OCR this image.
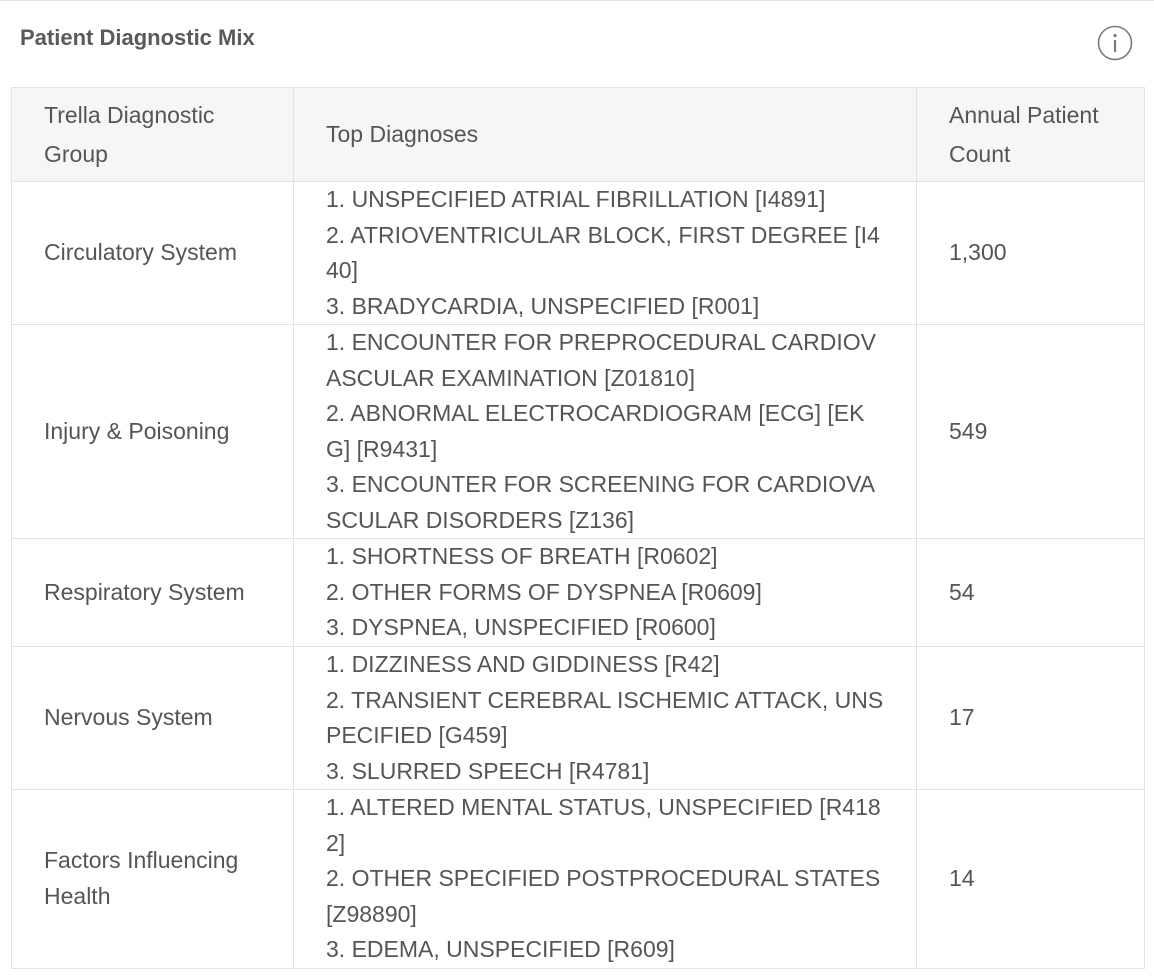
Patient Diagnostic Mix
Trella Diagnostic Group	Top Diagnoses	Annual Patient Count
Circulatory System	1. UNSPECIFIED ATRIAL FIBRILLATION [I4891]
2. ATRIOVENTRICULAR BLOCK, FIRST DEGREE [I440]
3. BRADYCARDIA, UNSPECIFIED [R001]	1,300
Injury & Poisoning	1. ENCOUNTER FOR PREPROCEDURAL CARDIOVASCULAR EXAMINATION [Z01810]
2. ABNORMAL ELECTROCARDIOGRAM [ECG] [EKG] [R9431]
3. ENCOUNTER FOR SCREENING FOR CARDIOVASCULAR DISORDERS [Z136]	549
Respiratory System	1. SHORTNESS OF BREATH [R0602]
2. OTHER FORMS OF DYSPNEA [R0609]
3. DYSPNEA, UNSPECIFIED [R0600]	54
Nervous System	1. DIZZINESS AND GIDDINESS [R42]
2. TRANSIENT CEREBRAL ISCHEMIC ATTACK, UNSPECIFIED [G459]
3. SLURRED SPEECH [R4781]	17
Factors Influencing Health	1. ALTERED MENTAL STATUS, UNSPECIFIED [R4182]
2. OTHER SPECIFIED POSTPROCEDURAL STATES [Z98890]
3. EDEMA, UNSPECIFIED [R609]	14
